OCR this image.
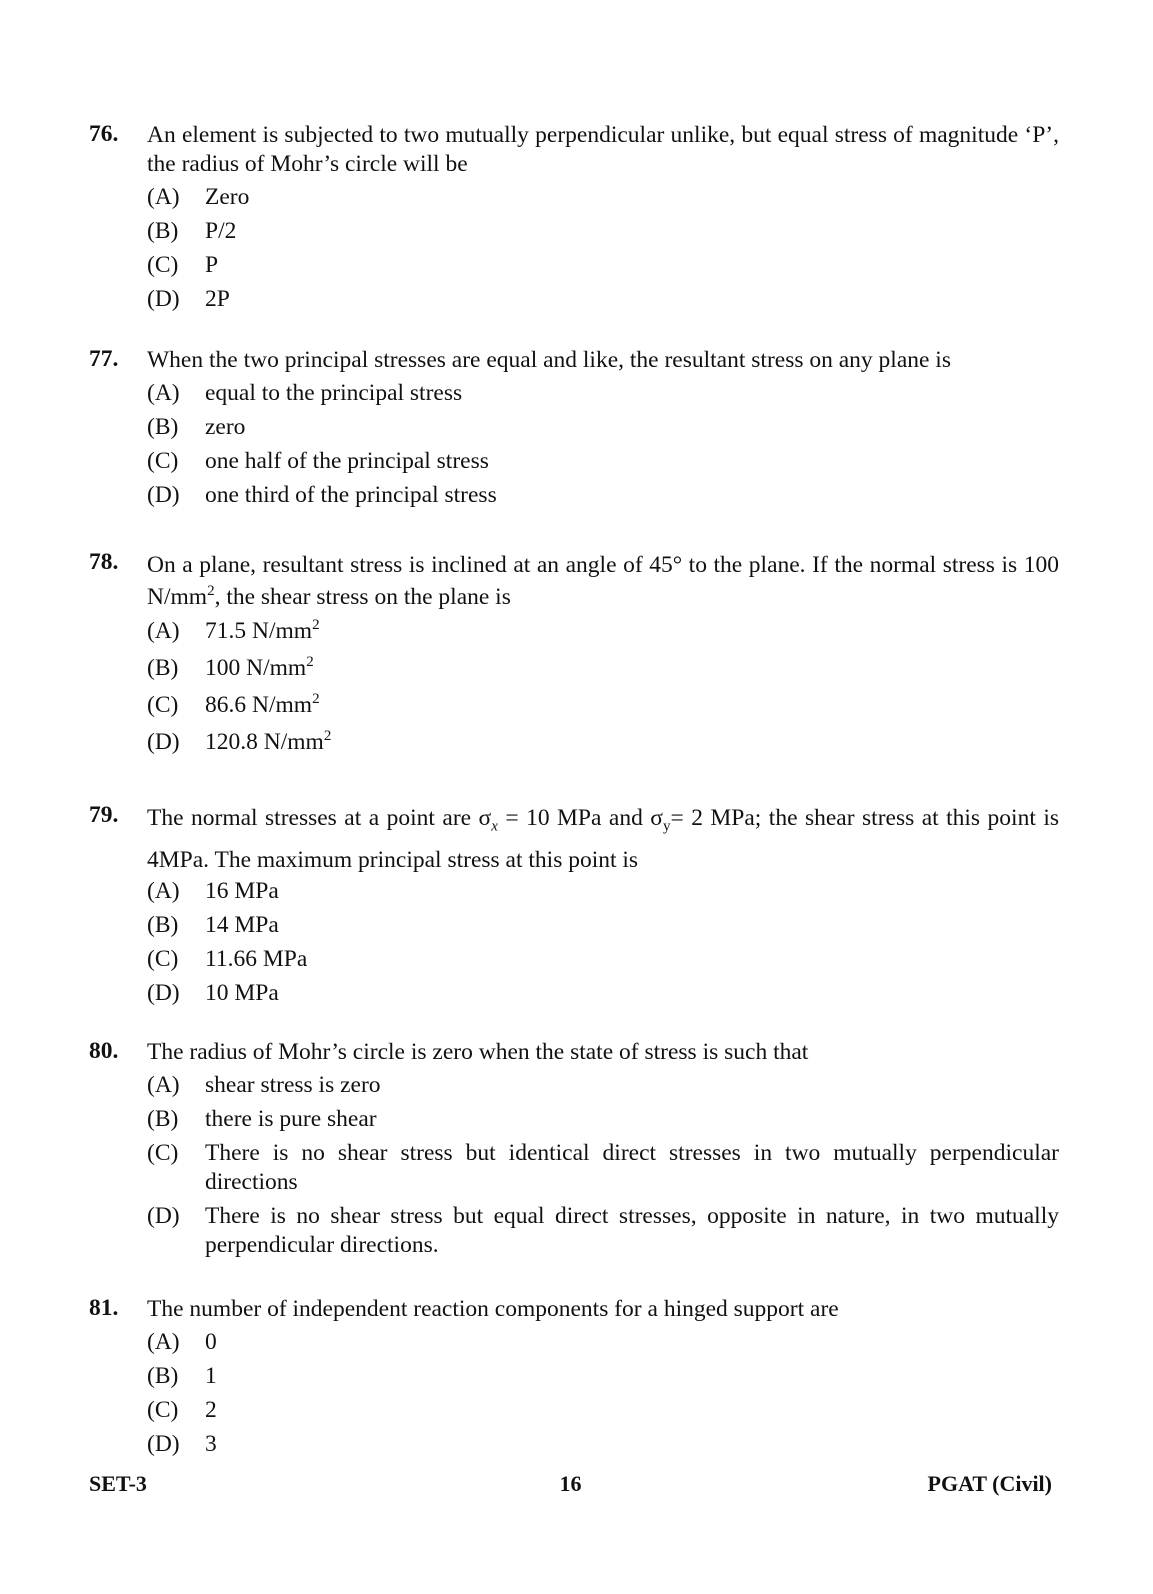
76. An element is subjected to two mutually perpendicular unlike, but equal stress of magnitude ‘P’, the radius of Mohr’s circle will be
(A) Zero
(B) P/2
(C) P
(D) 2P
77. When the two principal stresses are equal and like, the resultant stress on any plane is
(A) equal to the principal stress
(B) zero
(C) one half of the principal stress
(D) one third of the principal stress
78. On a plane, resultant stress is inclined at an angle of 45° to the plane. If the normal stress is 100 $N/mm^2$, the shear stress on the plane is
(A) 71.5 $N/mm^2$
(B) 100 $N/mm^2$
(C) 86.6 $N/mm^2$
(D) 120.8 $N/mm^2$
79. The normal stresses at a point are $\sigma_x = 10$ MPa and $\sigma_y= 2$ MPa; the shear stress at this point is 4MPa. The maximum principal stress at this point is
(A) 16 MPa
(B) 14 MPa
(C) 11.66 MPa
(D) 10 MPa
80. The radius of Mohr’s circle is zero when the state of stress is such that
(A) shear stress is zero
(B) there is pure shear
(C) There is no shear stress but identical direct stresses in two mutually perpendicular directions
(D) There is no shear stress but equal direct stresses, opposite in nature, in two mutually perpendicular directions.
81. The number of independent reaction components for a hinged support are
(A) 0
(B) 1
(C) 2
(D) 3
SET-3	16	PGAT (Civil)
